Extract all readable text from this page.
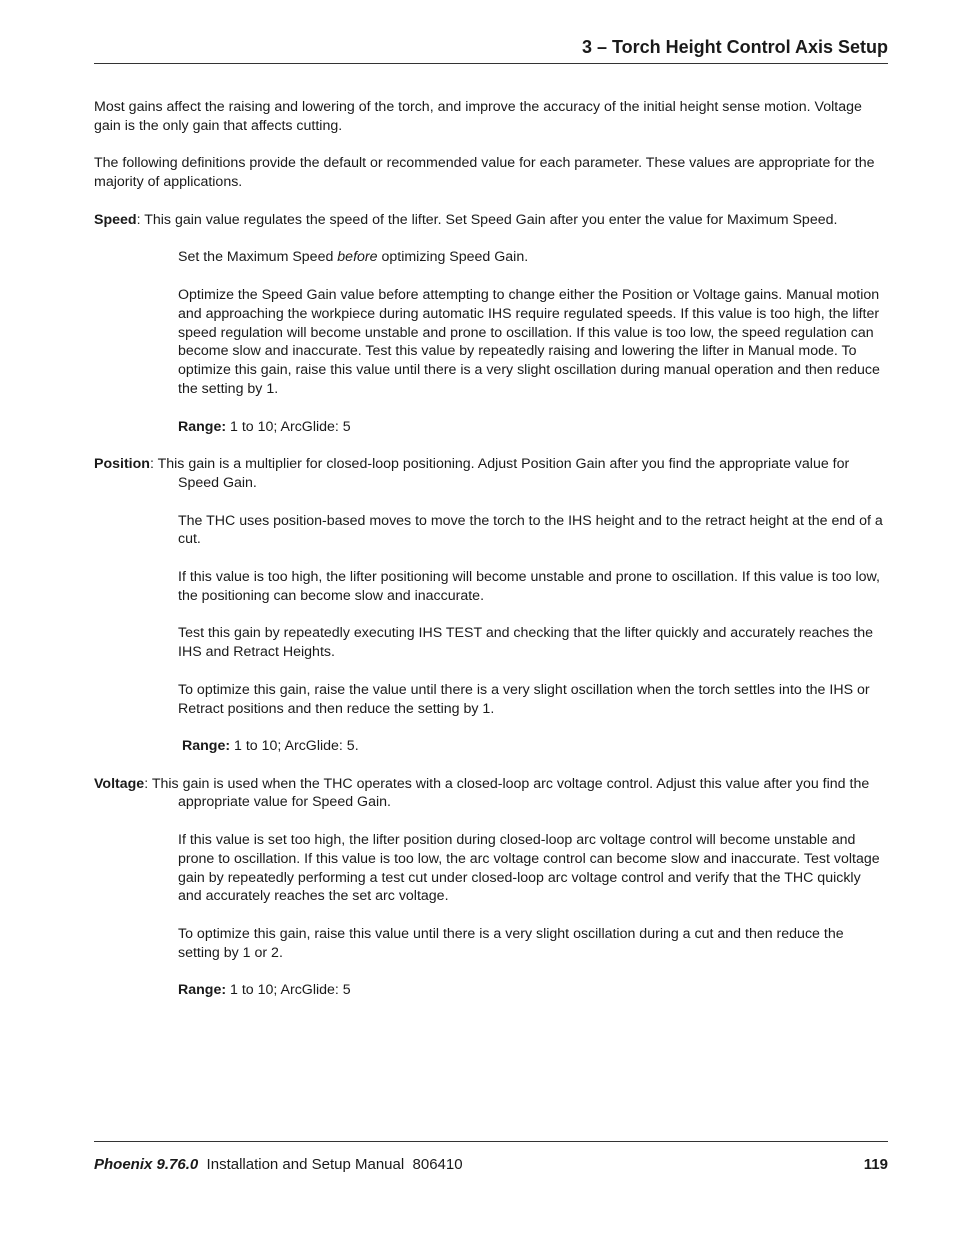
3 – Torch Height Control Axis Setup

Most gains affect the raising and lowering of the torch, and improve the accuracy of the initial height sense motion. Voltage gain is the only gain that affects cutting.

The following definitions provide the default or recommended value for each parameter. These values are appropriate for the majority of applications.

Speed: This gain value regulates the speed of the lifter. Set Speed Gain after you enter the value for Maximum Speed.

Set the Maximum Speed before optimizing Speed Gain.

Optimize the Speed Gain value before attempting to change either the Position or Voltage gains. Manual motion and approaching the workpiece during automatic IHS require regulated speeds. If this value is too high, the lifter speed regulation will become unstable and prone to oscillation. If this value is too low, the speed regulation can become slow and inaccurate. Test this value by repeatedly raising and lowering the lifter in Manual mode. To optimize this gain, raise this value until there is a very slight oscillation during manual operation and then reduce the setting by 1.

Range: 1 to 10; ArcGlide: 5

Position: This gain is a multiplier for closed-loop positioning. Adjust Position Gain after you find the appropriate value for Speed Gain.

The THC uses position-based moves to move the torch to the IHS height and to the retract height at the end of a cut.

If this value is too high, the lifter positioning will become unstable and prone to oscillation. If this value is too low, the positioning can become slow and inaccurate.

Test this gain by repeatedly executing IHS TEST and checking that the lifter quickly and accurately reaches the IHS and Retract Heights.

To optimize this gain, raise the value until there is a very slight oscillation when the torch settles into the IHS or Retract positions and then reduce the setting by 1.

Range: 1 to 10; ArcGlide: 5.

Voltage: This gain is used when the THC operates with a closed-loop arc voltage control. Adjust this value after you find the appropriate value for Speed Gain.

If this value is set too high, the lifter position during closed-loop arc voltage control will become unstable and prone to oscillation. If this value is too low, the arc voltage control can become slow and inaccurate. Test voltage gain by repeatedly performing a test cut under closed-loop arc voltage control and verify that the THC quickly and accurately reaches the set arc voltage.

To optimize this gain, raise this value until there is a very slight oscillation during a cut and then reduce the setting by 1 or 2.

Range: 1 to 10; ArcGlide: 5

Phoenix 9.76.0  Installation and Setup Manual  806410	119
